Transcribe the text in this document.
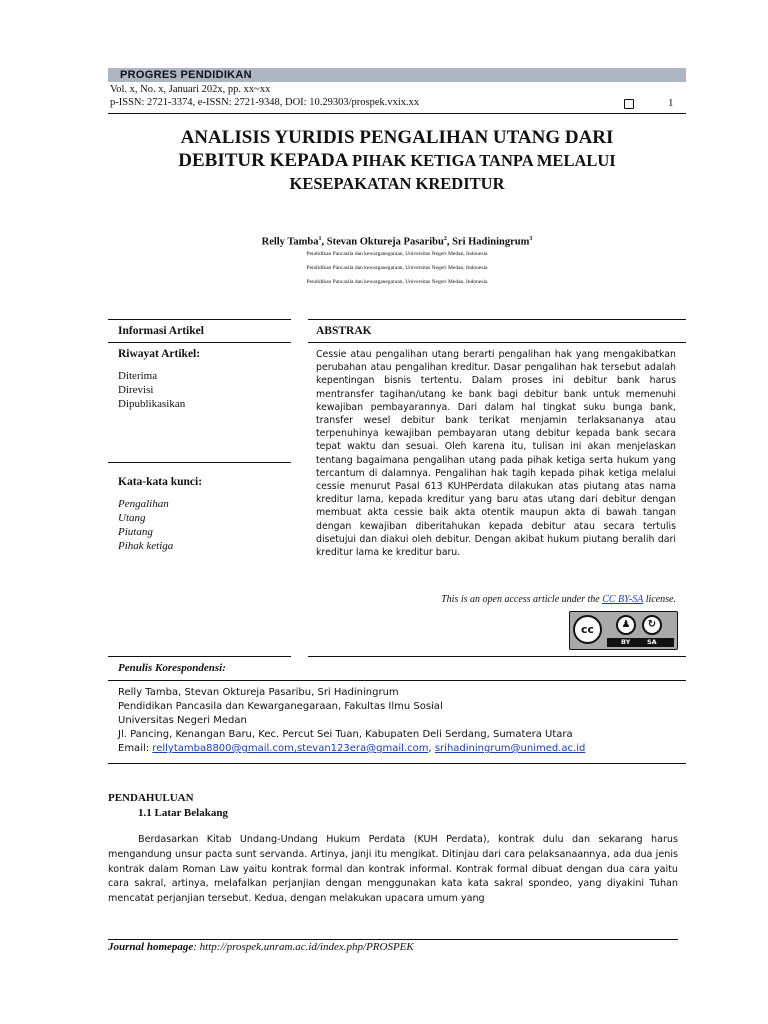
PROGRES PENDIDIKAN
Vol. x, No. x, Januari 202x, pp. xx~xx
p-ISSN: 2721-3374, e-ISSN: 2721-9348, DOI: 10.29303/prospek.vxix.xx	1
ANALISIS YURIDIS PENGALIHAN UTANG DARI
DEBITUR KEPADA PIHAK KETIGA TANPA MELALUI
KESEPAKATAN KREDITUR
Relly Tamba$^1$, Stevan Oktureja Pasaribu$^2$, Sri Hadiningrum$^3$
Pendidikan Pancasila dan kewarganegaraan, Universitas Negeri Medan, Indonesia
Pendidikan Pancasila dan kewarganegaraan, Universitas Negeri Medan, Indonesia
Pendidikan Pancasila dan kewarganegaraan, Universitas Negeri Medan, Indonesia
Informasi Artikel
Riwayat Artikel:
Diterima
Direvisi
Dipublikasikan
Kata-kata kunci:
Pengalihan
Utang
Piutang
Pihak ketiga
ABSTRAK
Cessie atau pengalihan utang berarti pengalihan hak yang mengakibatkan perubahan atau pengalihan kreditur. Dasar pengalihan hak tersebut adalah kepentingan bisnis tertentu. Dalam proses ini debitur bank harus mentransfer tagihan/utang ke bank bagi debitur bank untuk memenuhi kewajiban pembayarannya. Dari dalam hal tingkat suku bunga bank, transfer wesel debitur bank terikat menjamin terlaksananya atau terpenuhinya kewajiban pembayaran utang debitur kepada bank secara tepat waktu dan sesuai. Oleh karena itu, tulisan ini akan menjelaskan tentang bagaimana pengalihan utang pada pihak ketiga serta hukum yang tercantum di dalamnya. Pengalihan hak tagih kepada pihak ketiga melalui cessie menurut Pasal 613 KUHPerdata dilakukan atas piutang atas nama kreditur lama, kepada kreditur yang baru atas utang dari debitur dengan membuat akta cessie baik akta otentik maupun akta di bawah tangan dengan kewajiban diberitahukan kepada debitur atau secara tertulis disetujui dan diakui oleh debitur. Dengan akibat hukum piutang beralih dari kreditur lama ke kreditur baru.
This is an open access article under the CC BY-SA license.
cc	♟	↻
BY	SA
Penulis Korespondensi:
Relly Tamba, Stevan Oktureja Pasaribu, Sri Hadiningrum
Pendidikan Pancasila dan Kewarganegaraan, Fakultas Ilmu Sosial
Universitas Negeri Medan
Jl. Pancing, Kenangan Baru, Kec. Percut Sei Tuan, Kabupaten Deli Serdang, Sumatera Utara
Email: rellytamba8800@gmail.com,stevan123era@gmail.com, srihadiningrum@unimed.ac.id
PENDAHULUAN
1.1 Latar Belakang
Berdasarkan Kitab Undang-Undang Hukum Perdata (KUH Perdata), kontrak dulu dan sekarang harus mengandung unsur pacta sunt servanda. Artinya, janji itu mengikat. Ditinjau dari cara pelaksanaannya, ada dua jenis kontrak dalam Roman Law yaitu kontrak formal dan kontrak informal. Kontrak formal dibuat dengan dua cara yaitu cara sakral, artinya, melafalkan perjanjian dengan menggunakan kata kata sakral spondeo, yang diyakini Tuhan mencatat perjanjian tersebut. Kedua, dengan melakukan upacara umum yang
Journal homepage: http://prospek.unram.ac.id/index.php/PROSPEK
